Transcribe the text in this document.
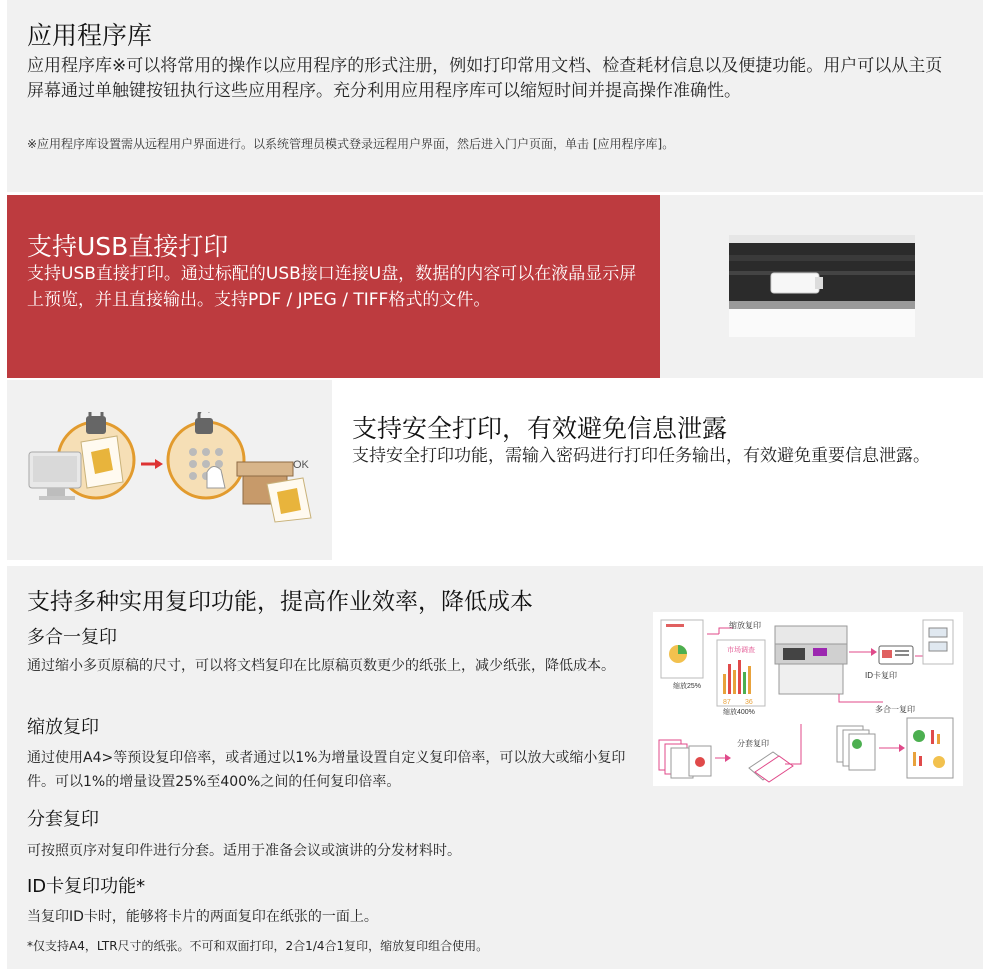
应用程序库
应用程序库※可以将常用的操作以应用程序的形式注册，例如打印常用文档、检查耗材信息以及便捷功能。用户可以从主页屏幕通过单触键按钮执行这些应用程序。充分利用应用程序库可以缩短时间并提高操作准确性。
※应用程序库设置需从远程用户界面进行。以系统管理员模式登录远程用户界面，然后进入门户页面，单击 [应用程序库]。
支持USB直接打印
支持USB直接打印。通过标配的USB接口连接U盘，数据的内容可以在液晶显示屏上预览，并且直接输出。支持PDF / JPEG / TIFF格式的文件。
OK
支持安全打印，有效避免信息泄露
支持安全打印功能，需输入密码进行打印任务输出，有效避免重要信息泄露。
支持多种实用复印功能，提高作业效率，降低成本
多合一复印
通过缩小多页原稿的尺寸，可以将文档复印在比原稿页数更少的纸张上，减少纸张，降低成本。
缩放复印
通过使用A4>等预设复印倍率，或者通过以1%为增量设置自定义复印倍率，可以放大或缩小复印件。可以1%的增量设置25%至400%之间的任何复印倍率。
分套复印
可按照页序对复印件进行分套。适用于准备会议或演讲的分发材料时。
ID卡复印功能*
当复印ID卡时，能够将卡片的两面复印在纸张的一面上。
*仅支持A4，LTR尺寸的纸张。不可和双面打印，2合1/4合1复印，缩放复印组合使用。
缩放25%
缩放复印
市场调查
87 36
缩放400%
ID卡复印
多合一复印
分套复印
